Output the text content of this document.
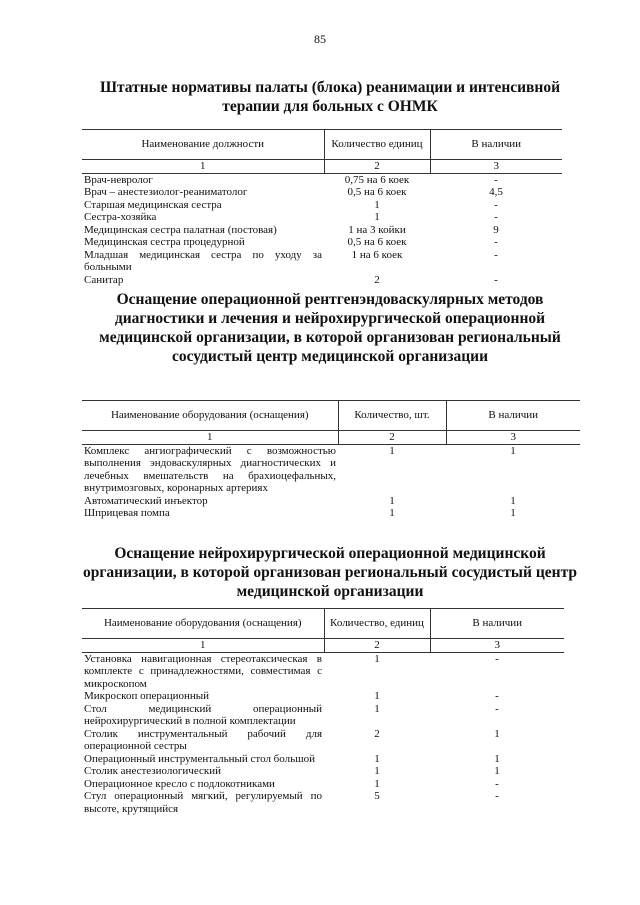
85
Штатные нормативы палаты (блока) реанимации и интенсивной
терапии для больных с ОНМК
Наименование должности	Количество единиц	В наличии
1	2	3
Врач-невролог	0,75 на 6 коек	-
Врач – анестезиолог-реаниматолог	0,5 на 6 коек	4,5
Старшая медицинская сестра	1	-
Сестра-хозяйка	1	-
Медицинская сестра палатная (постовая)	1 на 3 койки	9
Медицинская сестра процедурной	0,5 на 6 коек	-
Младшая медицинская сестра по уходу за больными	1 на 6 коек	-
Санитар	2	-
Оснащение операционной рентгенэндоваскулярных методов
диагностики и лечения и нейрохирургической операционной
медицинской организации, в которой организован региональный
сосудистый центр медицинской организации
Наименование оборудования (оснащения)	Количество, шт.	В наличии
1	2	3
Комплекс ангиографический с возможностью выполнения эндоваскулярных диагностических и лечебных вмешательств на брахиоцефальных, внутримозговых, коронарных артериях	1	1
Автоматический инъектор	1	1
Шприцевая помпа	1	1
Оснащение нейрохирургической операционной медицинской
организации, в которой организован региональный сосудистый центр
медицинской организации
Наименование оборудования (оснащения)	Количество, единиц	В наличии
1	2	3
Установка навигационная стереотаксическая в комплекте с принадлежностями, совместимая с микроскопом	1	-
Микроскоп операционный	1	-
Стол медицинский операционный нейрохирургический в полной комплектации	1	-
Столик инструментальный рабочий для операционной сестры	2	1
Операционный инструментальный стол большой	1	1
Столик анестезиологический	1	1
Операционное кресло с подлокотниками	1	-
Стул операционный мягкий, регулируемый по высоте, крутящийся	5	-
